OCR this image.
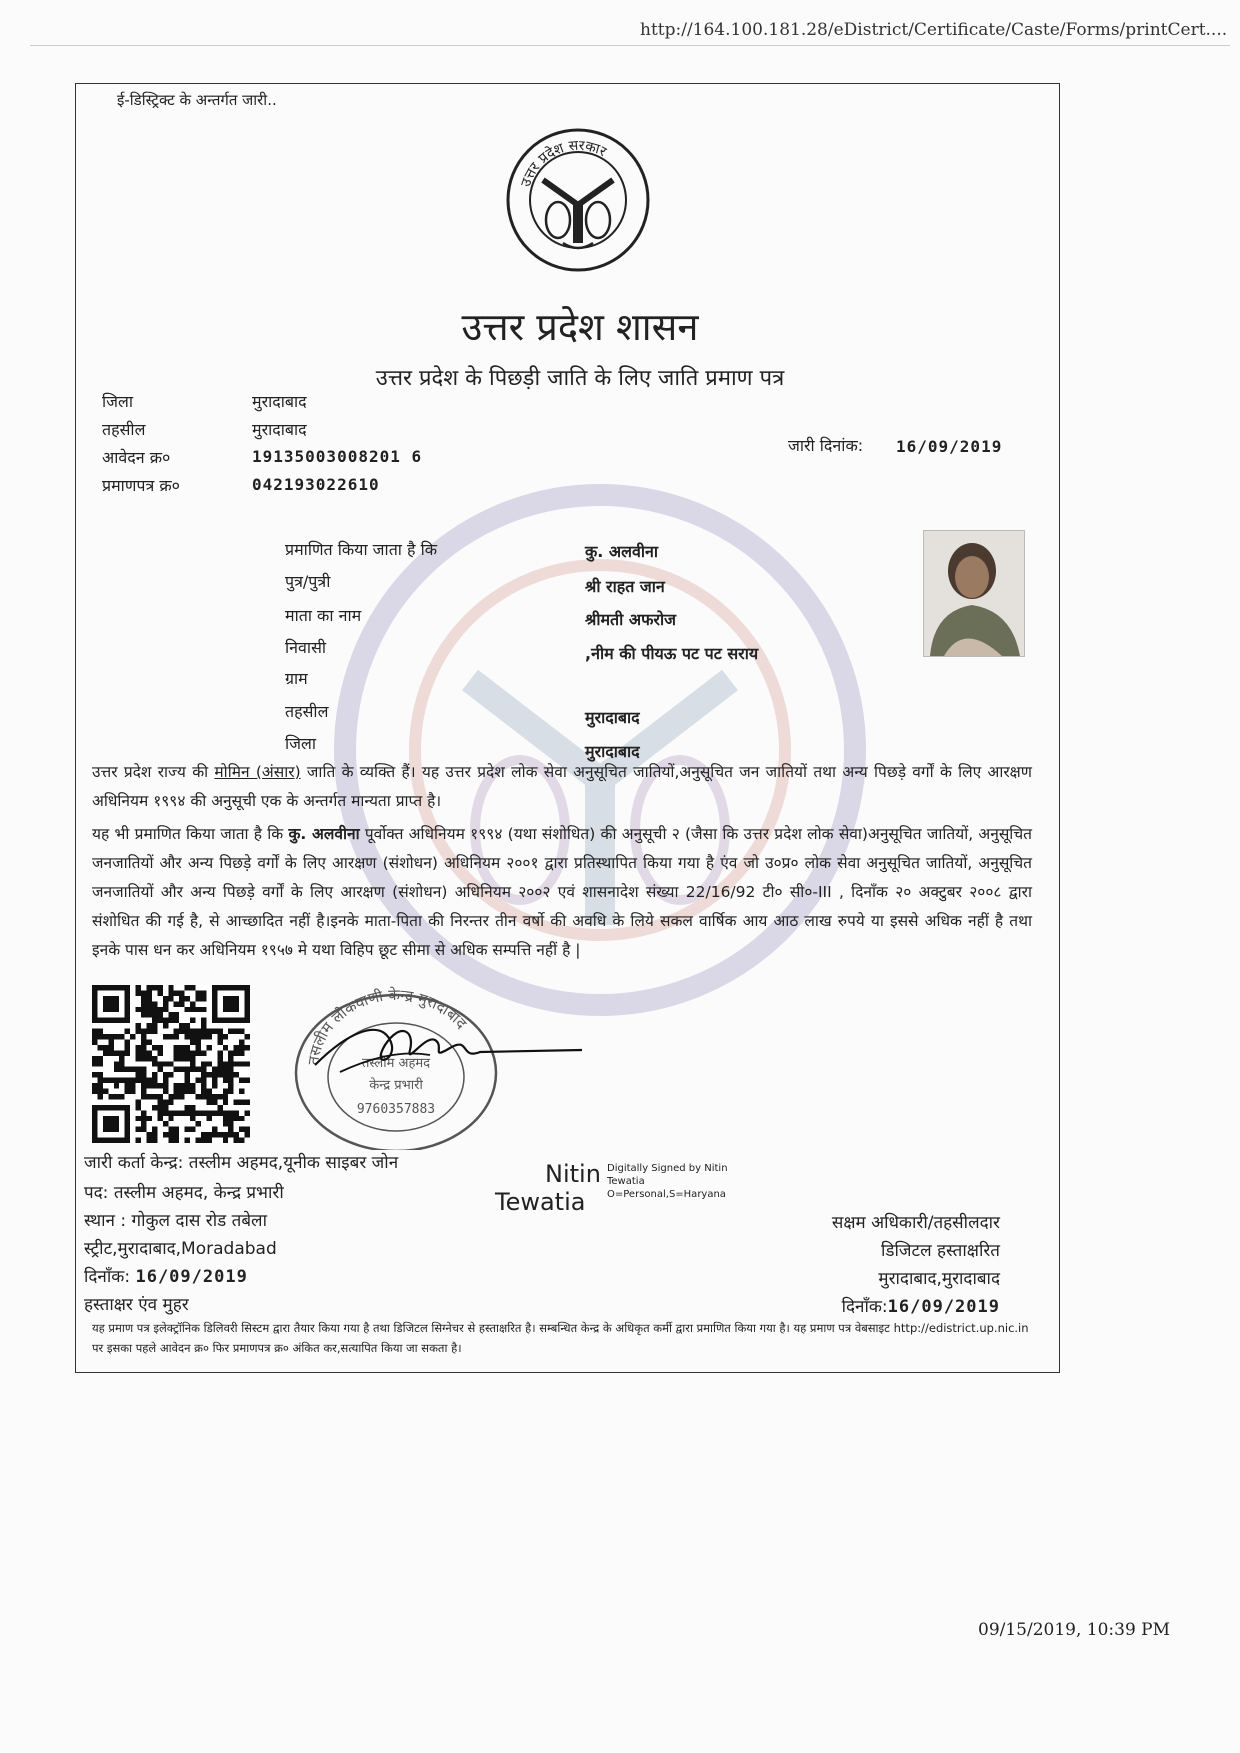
http://164.100.181.28/eDistrict/Certificate/Caste/Forms/printCert....
ई-डिस्ट्रिक्ट के अन्तर्गत जारी..
उत्तर प्रदेश सरकार
उत्तर प्रदेश शासन
उत्तर प्रदेश के पिछड़ी जाति के लिए जाति प्रमाण पत्र
जिला	मुरादाबाद
तहसील	मुरादाबाद
आवेदन क्र०	19135003008201 6
प्रमाणपत्र क्र०	042193022610
जारी दिनांक: 16/09/2019
प्रमाणित किया जाता है कि	कु. अलवीना
पुत्र/पुत्री	श्री राहत जान
माता का नाम	श्रीमती अफरोज
निवासी	,नीम की पीयऊ पट पट सराय
ग्राम
तहसील	मुरादाबाद
जिला	मुरादाबाद
उत्तर प्रदेश राज्य की मोमिन (अंसार) जाति के व्यक्ति हैं। यह उत्तर प्रदेश लोक सेवा अनुसूचित जातियों,अनुसूचित जन जातियों तथा अन्य पिछड़े वर्गों के लिए आरक्षण अधिनियम १९९४ की अनुसूची एक के अन्तर्गत मान्यता प्राप्त है।
यह भी प्रमाणित किया जाता है कि कु. अलवीना पूर्वोक्त अधिनियम १९९४ (यथा संशोधित) की अनुसूची २ (जैसा कि उत्तर प्रदेश लोक सेवा)अनुसूचित जातियों, अनुसूचित जनजातियों और अन्य पिछड़े वर्गों के लिए आरक्षण (संशोधन) अधिनियम २००१ द्वारा प्रतिस्थापित किया गया है एंव जो उ०प्र० लोक सेवा अनुसूचित जातियों, अनुसूचित जनजातियों और अन्य पिछड़े वर्गों के लिए आरक्षण (संशोधन) अधिनियम २००२ एवं शासनादेश संख्या 22/16/92 टी० सी०-III , दिनाँक २० अक्टुबर २००८ द्वारा संशोधित की गई है, से आच्छादित नहीं है।इनके माता-पिता की निरन्तर तीन वर्षो की अवधि के लिये सकल वार्षिक आय आठ लाख रुपये या इससे अधिक नहीं है तथा इनके पास धन कर अधिनियम १९५७ मे यथा विहिप छूट सीमा से अधिक सम्पत्ति नहीं है |
तसलीम लोकवाणी केन्द्र मुरादाबाद
तस्लीम अहमद
केन्द्र प्रभारी
9760357883
जारी कर्ता केन्द्र: तस्लीम अहमद,यूनीक साइबर जोन
पद: तस्लीम अहमद, केन्द्र प्रभारी
स्थान : गोकुल दास रोड तबेला
स्ट्रीट,मुरादाबाद,Moradabad
दिनाँक: 16/09/2019
हस्ताक्षर एंव मुहर
Nitin
Tewatia
Digitally Signed by Nitin Tewatia
O=Personal,S=Haryana
सक्षम अधिकारी/तहसीलदार
डिजिटल हस्ताक्षरित
मुरादाबाद,मुरादाबाद
दिनाँक:16/09/2019
यह प्रमाण पत्र इलेक्ट्रॉनिक डिलिवरी सिस्टम द्वारा तैयार किया गया है तथा डिजिटल सिग्नेचर से हस्ताक्षरित है। सम्बन्धित केन्द्र के अधिकृत कर्मी द्वारा प्रमाणित किया गया है। यह प्रमाण पत्र वेबसाइट http://edistrict.up.nic.in पर इसका पहले आवेदन क्र० फिर प्रमाणपत्र क्र० अंकित कर,सत्यापित किया जा सकता है।
09/15/2019, 10:39 PM
